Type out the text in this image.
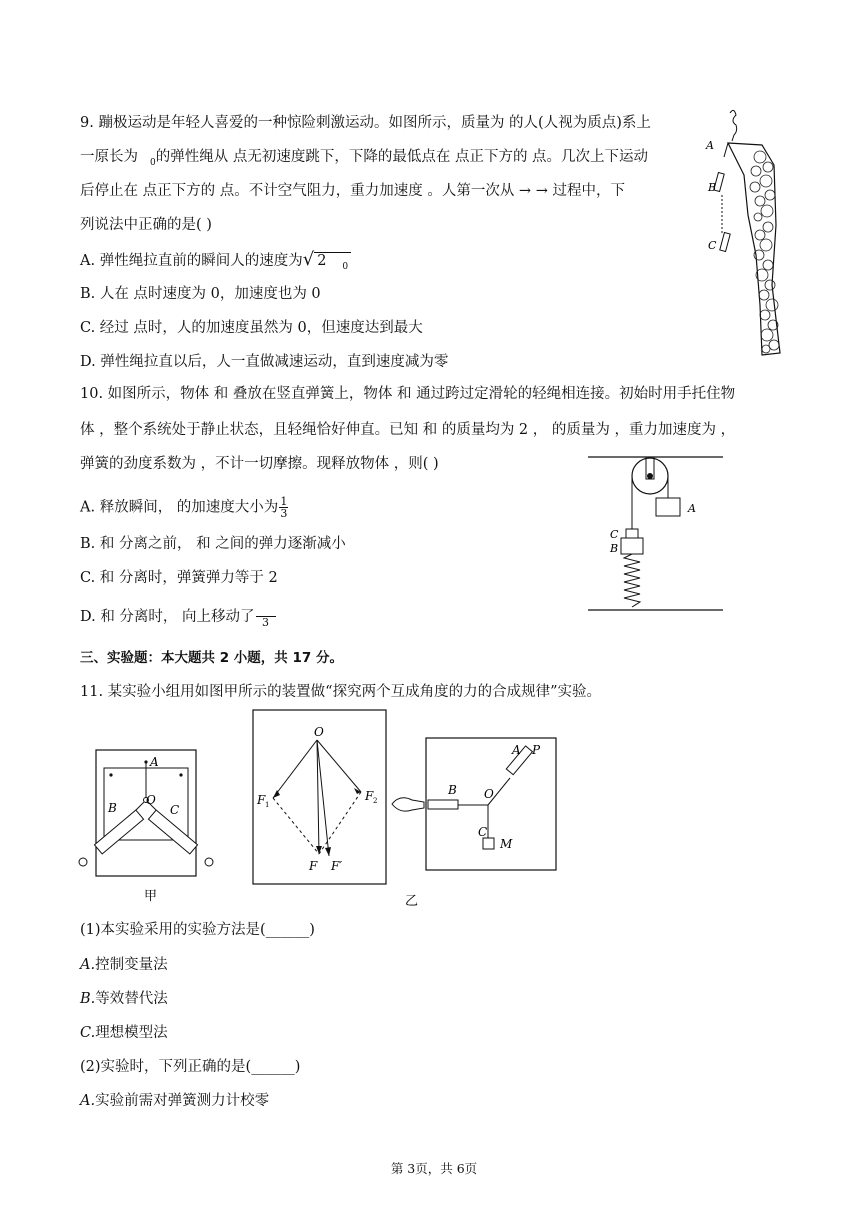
9. 蹦极运动是年轻人喜爱的一种惊险刺激运动。如图所示，质量为 的人(人视为质点)系上
一原长为 $_0$的弹性绳从 点无初速度跳下，下降的最低点在 点正下方的 点。几次上下运动
后停止在 点正下方的 点。不计空气阻力，重力加速度 。人第一次从 → → 过程中，下
列说法中正确的是( )
A. 弹性绳拉直前的瞬间人的速度为√ 2 $_0$
B. 人在 点时速度为 0，加速度也为 0
C. 经过 点时，人的加速度虽然为 0，但速度达到最大
D. 弹性绳拉直以后，人一直做减速运动，直到速度减为零
A
B
C
10. 如图所示，物体 和 叠放在竖直弹簧上，物体 和 通过跨过定滑轮的轻绳相连接。初始时用手托住物
体 ，整个系统处于静止状态，且轻绳恰好伸直。已知 和 的质量均为 2 ， 的质量为 ，重力加速度为 ，
弹簧的劲度系数为 ，不计一切摩擦。现释放物体 ，则( )
A. 释放瞬间， 的加速度大小为 $\frac{1}{3}$
B. 和 分离之前， 和 之间的弹力逐渐减小
C. 和 分离时，弹簧弹力等于 2
D. 和 分离时， 向上移动了 3
A
C
B
三、实验题：本大题共 2 小题，共 17 分。
11. 某实验小组用如图甲所示的装置做“探究两个互成角度的力的合成规律”实验。
A
B
O
C
甲
O
F 1
F 2
F F′
A P
B O
C
M
乙
(1)本实验采用的实验方法是(______)
A.控制变量法
B.等效替代法
C.理想模型法
(2)实验时，下列正确的是(______)
A.实验前需对弹簧测力计校零
第 3页，共 6页
